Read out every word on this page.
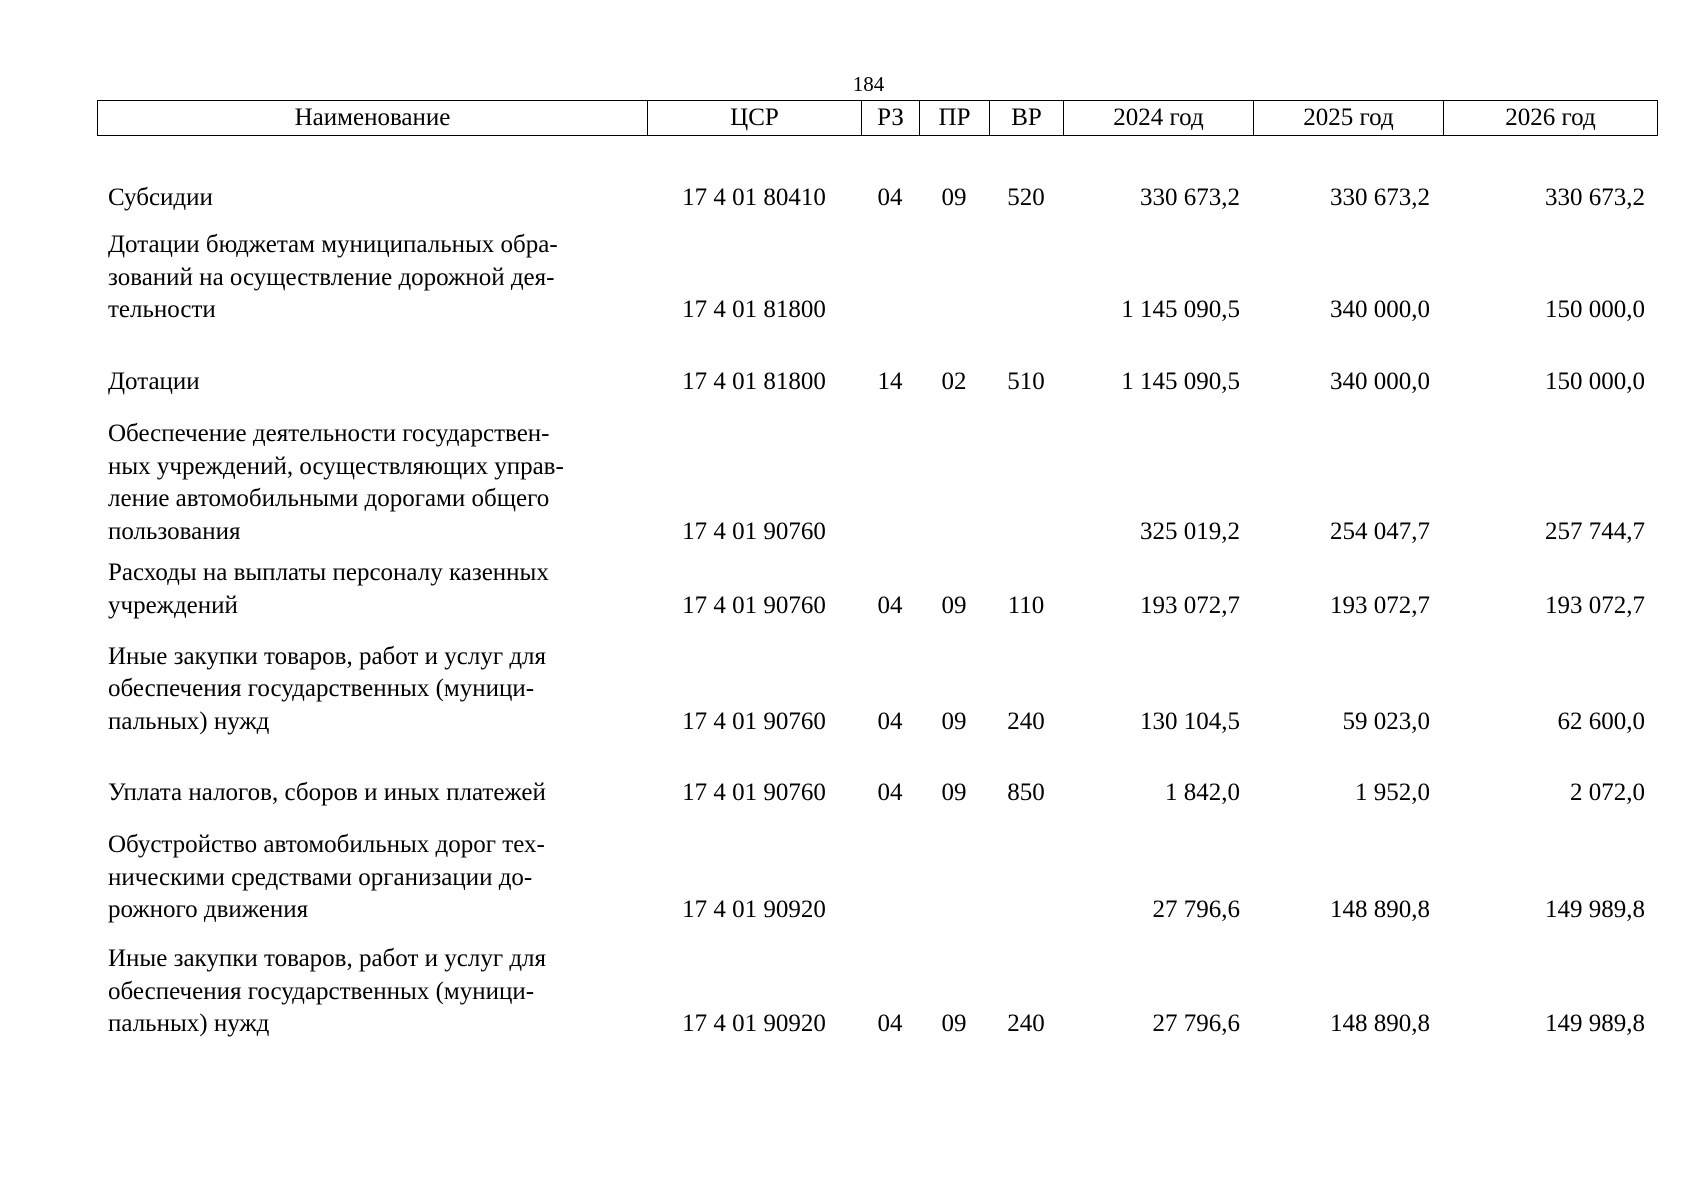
184
Наименование	ЦСР	РЗ	ПР	ВР	2024 год	2025 год	2026 год

Субсидии	17 4 01 80410	04	09	520	330 673,2	330 673,2	330 673,2

Дотации бюджетам муниципальных обра-
зований на осуществление дорожной дея-
тельности	17 4 01 81800				1 145 090,5	340 000,0	150 000,0

Дотации	17 4 01 81800	14	02	510	1 145 090,5	340 000,0	150 000,0

Обеспечение деятельности государствен-
ных учреждений, осуществляющих управ-
ление автомобильными дорогами общего
пользования	17 4 01 90760				325 019,2	254 047,7	257 744,7

Расходы на выплаты персоналу казенных
учреждений	17 4 01 90760	04	09	110	193 072,7	193 072,7	193 072,7

Иные закупки товаров, работ и услуг для
обеспечения государственных (муници-
пальных) нужд	17 4 01 90760	04	09	240	130 104,5	59 023,0	62 600,0

Уплата налогов, сборов и иных платежей	17 4 01 90760	04	09	850	1 842,0	1 952,0	2 072,0

Обустройство автомобильных дорог тех-
ническими средствами организации до-
рожного движения	17 4 01 90920				27 796,6	148 890,8	149 989,8

Иные закупки товаров, работ и услуг для
обеспечения государственных (муници-
пальных) нужд	17 4 01 90920	04	09	240	27 796,6	148 890,8	149 989,8
